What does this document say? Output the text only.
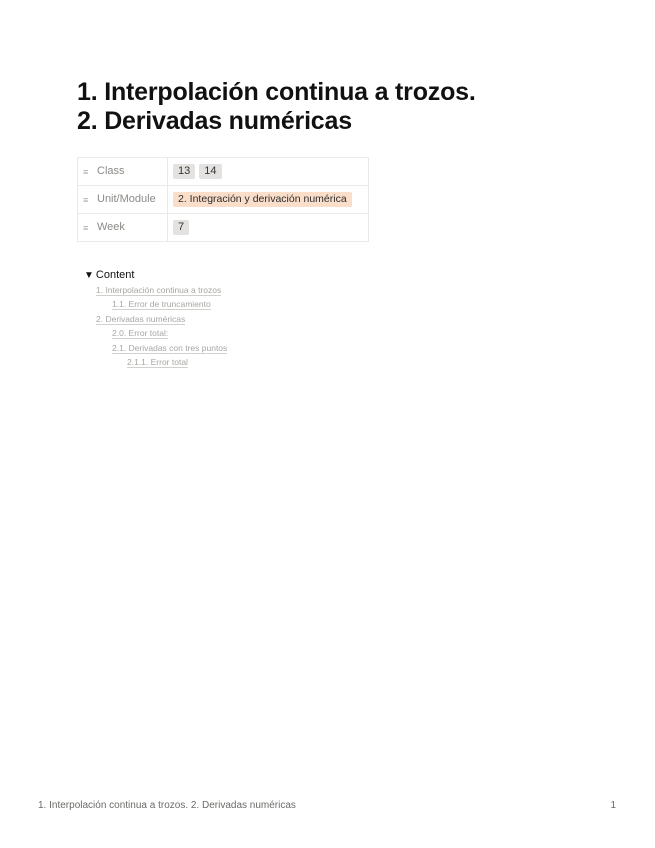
1. Interpolación continua a trozos.
2. Derivadas numéricas
≡ Class	13 14
≡ Unit/Module	2. Integración y derivación numérica
≡ Week	7
▼ Content
1. Interpolación continua a trozos
1.1. Error de truncamiento
2. Derivadas numéricas
2.0. Error total:
2.1. Derivadas con tres puntos
2.1.1. Error total
1. Interpolación continua a trozos. 2. Derivadas numéricas	1
